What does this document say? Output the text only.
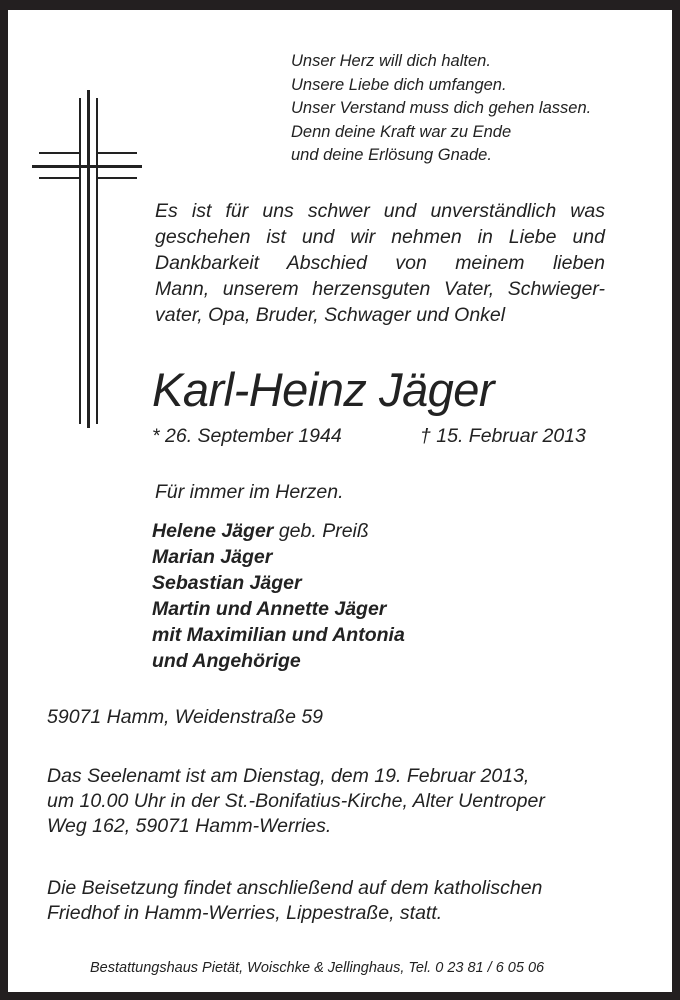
Unser Herz will dich halten.
Unsere Liebe dich umfangen.
Unser Verstand muss dich gehen lassen.
Denn deine Kraft war zu Ende
und deine Erlösung Gnade.
Es ist für uns schwer und unverständlich was
geschehen ist und wir nehmen in Liebe und
Dankbarkeit Abschied von meinem lieben
Mann, unserem herzensguten Vater, Schwieger-
vater, Opa, Bruder, Schwager und Onkel
Karl-Heinz Jäger
* 26. September 1944	† 15. Februar 2013
Für immer im Herzen.
Helene Jäger geb. Preiß
Marian Jäger
Sebastian Jäger
Martin und Annette Jäger
mit Maximilian und Antonia
und Angehörige
59071 Hamm, Weidenstraße 59
Das Seelenamt ist am Dienstag, dem 19. Februar 2013,
um 10.00 Uhr in der St.-Bonifatius-Kirche, Alter Uentroper
Weg 162, 59071 Hamm-Werries.
Die Beisetzung findet anschließend auf dem katholischen
Friedhof in Hamm-Werries, Lippestraße, statt.
Bestattungshaus Pietät, Woischke & Jellinghaus, Tel. 0 23 81 / 6 05 06
